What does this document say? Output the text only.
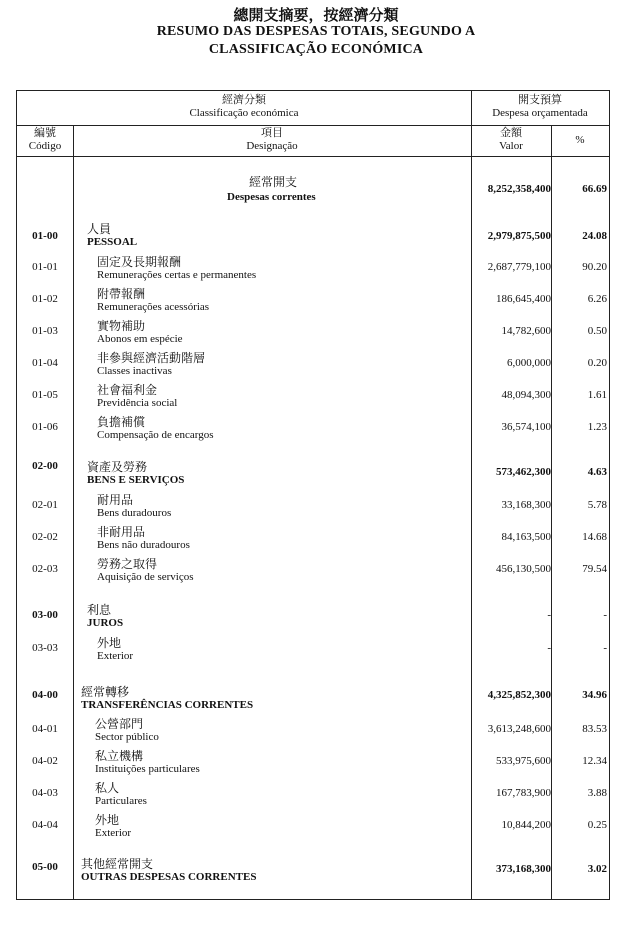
總開支摘要，按經濟分類
RESUMO DAS DESPESAS TOTAIS, SEGUNDO A
CLASSIFICAÇÃO ECONÓMICA
經濟分類
Classificação económica
開支預算
Despesa orçamentada
編號
Código
項目
Designação
金額
Valor	%
經常開支
Despesas correntes
8,252,358,400	66.69
01-00	人員
PESSOAL	2,979,875,500	24.08
01-01	固定及長期報酬
Remunerações certas e permanentes
2,687,779,100	90.20
01-02	附帶報酬
Remunerações acessórias
186,645,400	6.26
01-03	實物補助
Abonos em espécie
14,782,600	0.50
01-04	非參與經濟活動階層
Classes inactivas
6,000,000	0.20
01-05	社會福利金
Previdência social
48,094,300	1.61
01-06	負擔補償
Compensação de encargos
36,574,100	1.23
02-00	資產及勞務
BENS E SERVIÇOS
573,462,300	4.63
02-01	耐用品
Bens duradouros
33,168,300	5.78
02-02	非耐用品
Bens não duradouros
84,163,500	14.68
02-03	勞務之取得
Aquisição de serviços
456,130,500	79.54
03-00	利息
JUROS
-	-
03-03	外地
Exterior
-	-
04-00	經常轉移
TRANSFERÊNCIAS CORRENTES
4,325,852,300	34.96
04-01	公營部門
Sector público
3,613,248,600	83.53
04-02	私立機構
Instituições particulares
533,975,600	12.34
04-03	私人
Particulares
167,783,900	3.88
04-04	外地
Exterior
10,844,200	0.25
05-00	其他經常開支
OUTRAS DESPESAS CORRENTES
373,168,300	3.02
